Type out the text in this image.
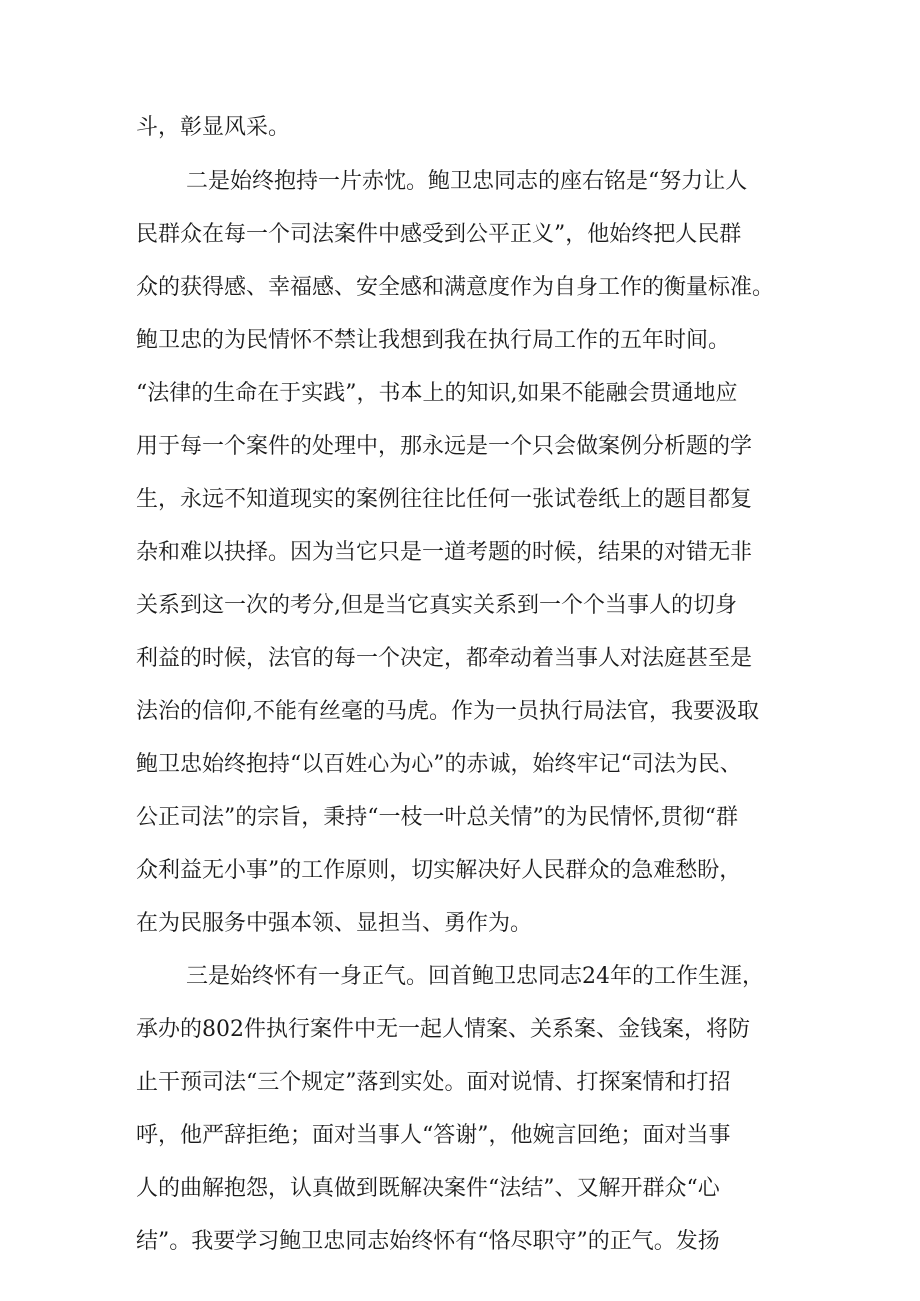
斗，彰显风采。
二是始终抱持一片赤忱。鲍卫忠同志的座右铭是“努力让人
民群众在每一个司法案件中感受到公平正义”，他始终把人民群
众的获得感、幸福感、安全感和满意度作为自身工作的衡量标准。
鲍卫忠的为民情怀不禁让我想到我在执行局工作的五年时间。
“法律的生命在于实践”，书本上的知识,如果不能融会贯通地应
用于每一个案件的处理中，那永远是一个只会做案例分析题的学
生，永远不知道现实的案例往往比任何一张试卷纸上的题目都复
杂和难以抉择。因为当它只是一道考题的时候，结果的对错无非
关系到这一次的考分,但是当它真实关系到一个个当事人的切身
利益的时候，法官的每一个决定，都牵动着当事人对法庭甚至是
法治的信仰,不能有丝毫的马虎。作为一员执行局法官，我要汲取
鲍卫忠始终抱持“以百姓心为心”的赤诚，始终牢记“司法为民、
公正司法”的宗旨，秉持“一枝一叶总关情”的为民情怀,贯彻“群
众利益无小事”的工作原则，切实解决好人民群众的急难愁盼，
在为民服务中强本领、显担当、勇作为。
三是始终怀有一身正气。回首鲍卫忠同志24年的工作生涯，
承办的802件执行案件中无一起人情案、关系案、金钱案，将防
止干预司法“三个规定”落到实处。面对说情、打探案情和打招
呼，他严辞拒绝；面对当事人“答谢”，他婉言回绝；面对当事
人的曲解抱怨，认真做到既解决案件“法结”、又解开群众“心
结”。我要学习鲍卫忠同志始终怀有“恪尽职守”的正气。发扬
